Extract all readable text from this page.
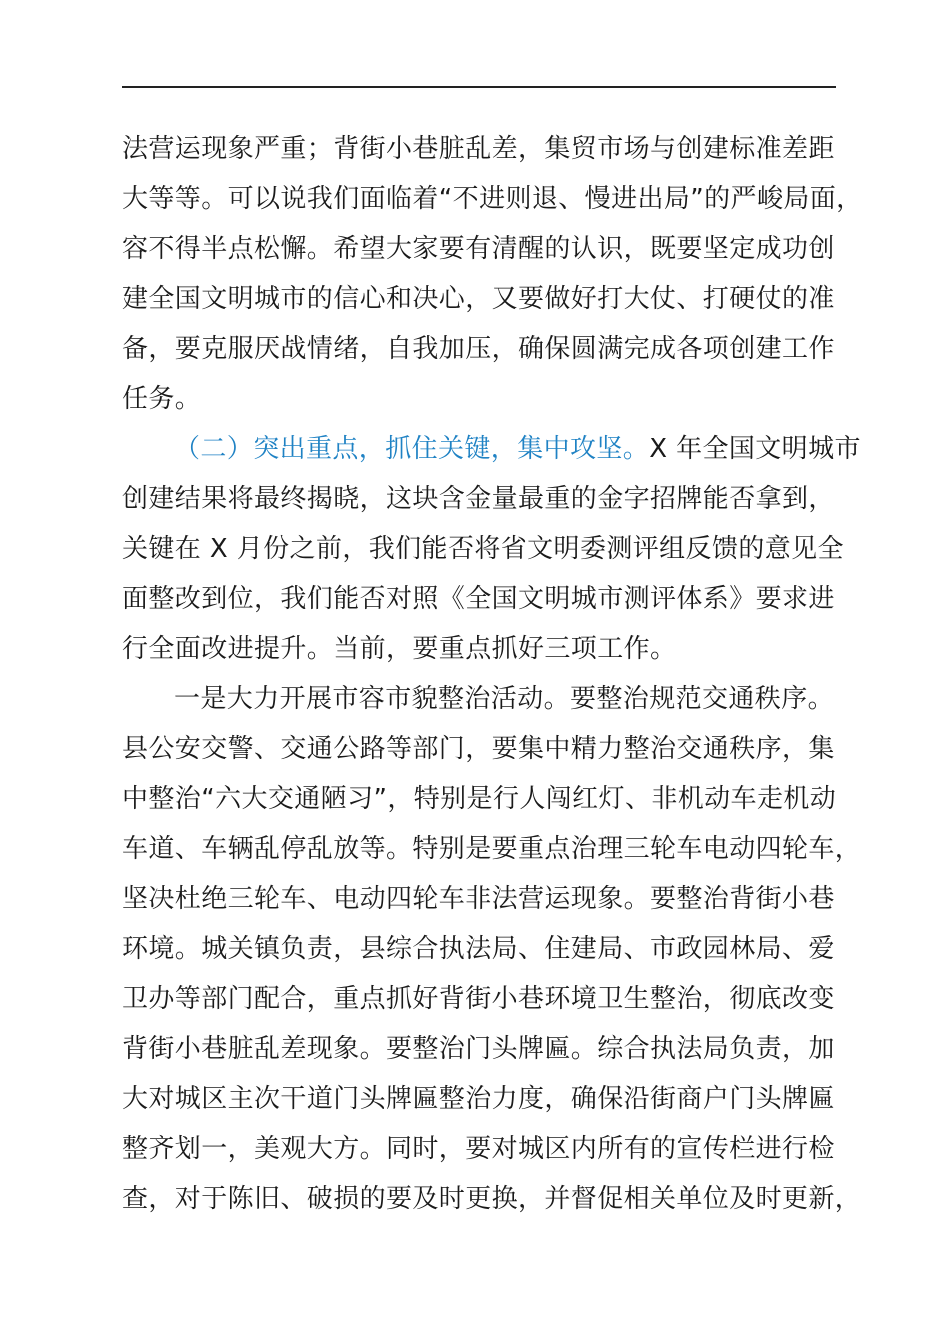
法营运现象严重；背街小巷脏乱差，集贸市场与创建标准差距
大等等。可以说我们面临着“不进则退、慢进出局”的严峻局面，
容不得半点松懈。希望大家要有清醒的认识，既要坚定成功创
建全国文明城市的信心和决心，又要做好打大仗、打硬仗的准
备，要克服厌战情绪，自我加压，确保圆满完成各项创建工作
任务。
（二）突出重点，抓住关键，集中攻坚。X 年全国文明城市
创建结果将最终揭晓，这块含金量最重的金字招牌能否拿到，
关键在 X 月份之前，我们能否将省文明委测评组反馈的意见全
面整改到位，我们能否对照《全国文明城市测评体系》要求进
行全面改进提升。当前，要重点抓好三项工作。
一是大力开展市容市貌整治活动。要整治规范交通秩序。
县公安交警、交通公路等部门，要集中精力整治交通秩序，集
中整治“六大交通陋习”，特别是行人闯红灯、非机动车走机动
车道、车辆乱停乱放等。特别是要重点治理三轮车电动四轮车，
坚决杜绝三轮车、电动四轮车非法营运现象。要整治背街小巷
环境。城关镇负责，县综合执法局、住建局、市政园林局、爱
卫办等部门配合，重点抓好背街小巷环境卫生整治，彻底改变
背街小巷脏乱差现象。要整治门头牌匾。综合执法局负责，加
大对城区主次干道门头牌匾整治力度，确保沿街商户门头牌匾
整齐划一，美观大方。同时，要对城区内所有的宣传栏进行检
查，对于陈旧、破损的要及时更换，并督促相关单位及时更新，
